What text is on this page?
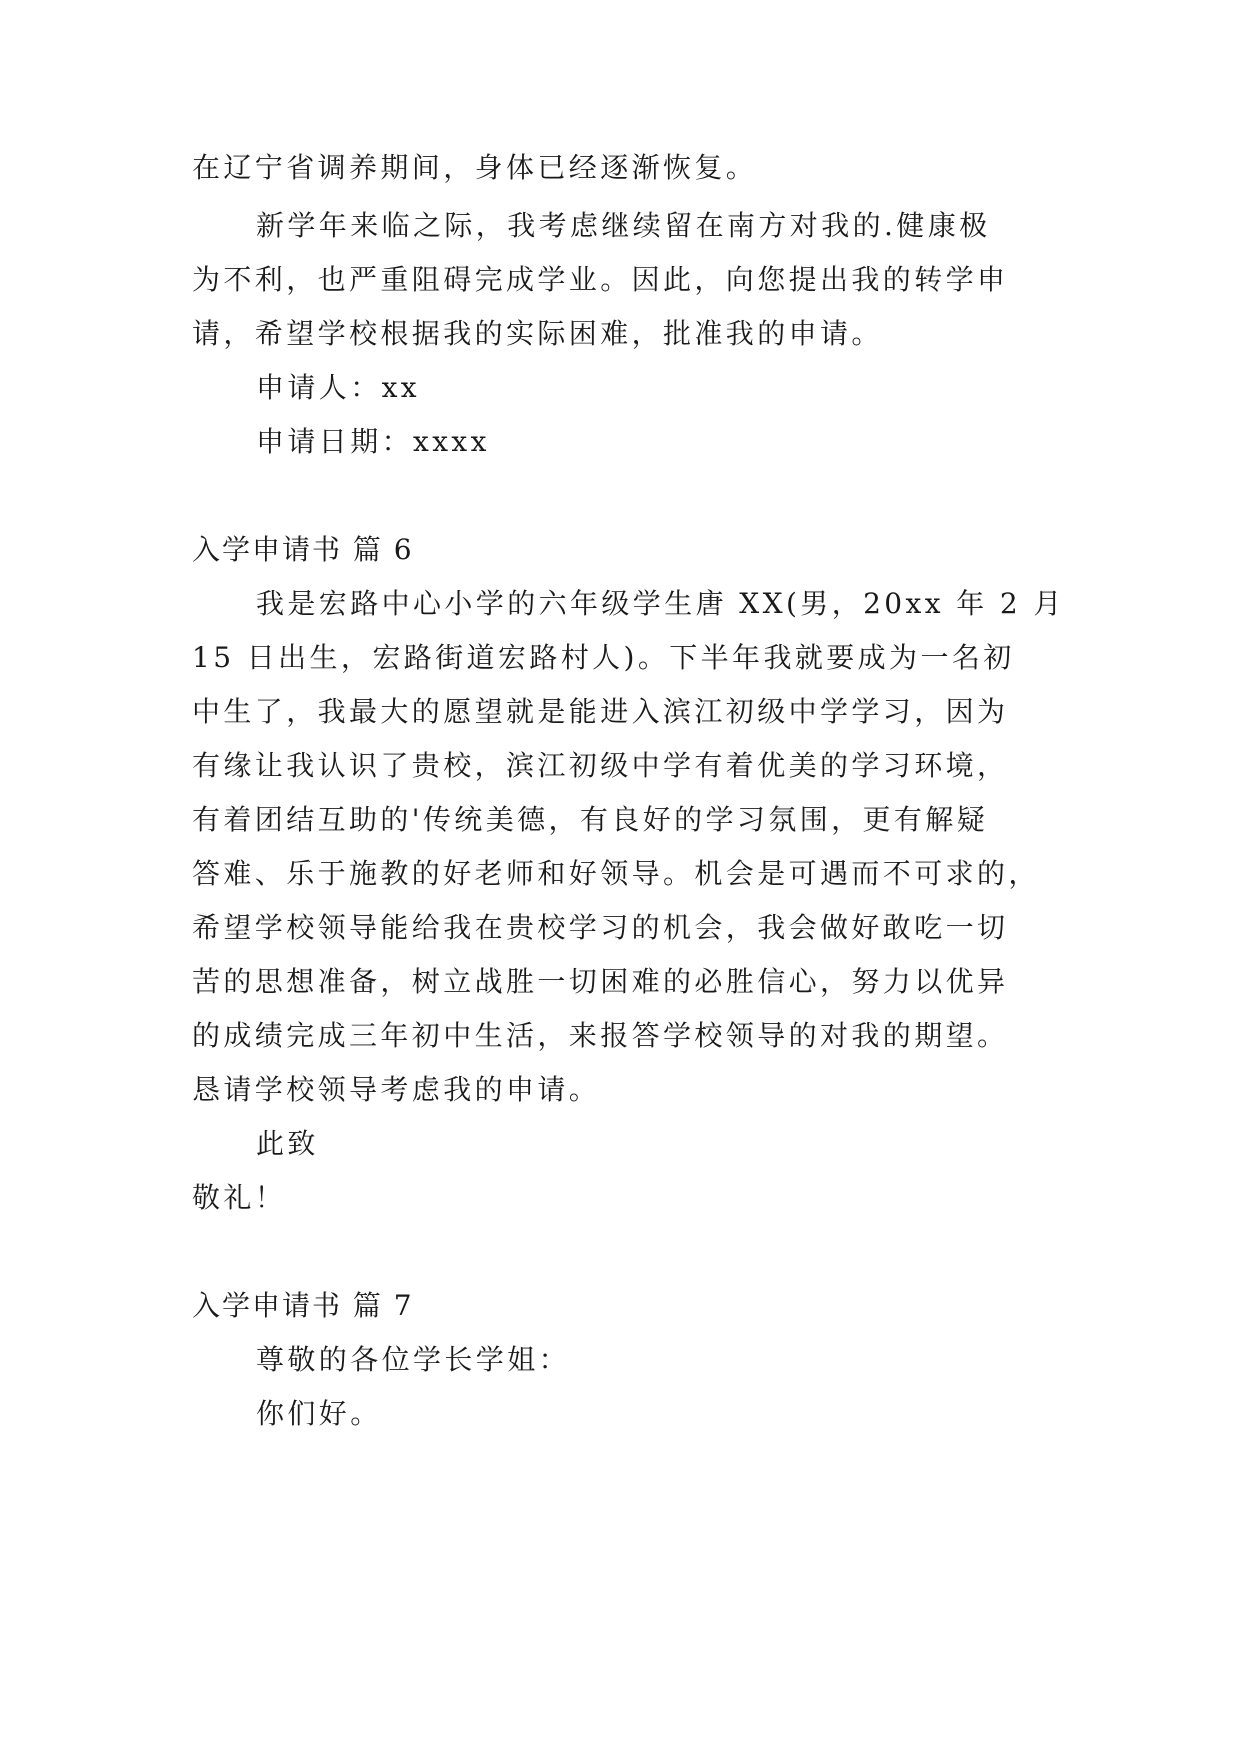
在辽宁省调养期间，身体已经逐渐恢复。
新学年来临之际，我考虑继续留在南方对我的.健康极
为不利，也严重阻碍完成学业。因此，向您提出我的转学申
请，希望学校根据我的实际困难，批准我的申请。
申请人：xx
申请日期：xxxx
入学申请书 篇 6
我是宏路中心小学的六年级学生唐 XX(男，20xx 年 2 月
15 日出生，宏路街道宏路村人)。下半年我就要成为一名初
中生了，我最大的愿望就是能进入滨江初级中学学习，因为
有缘让我认识了贵校，滨江初级中学有着优美的学习环境，
有着团结互助的'传统美德，有良好的学习氛围，更有解疑
答难、乐于施教的好老师和好领导。机会是可遇而不可求的，
希望学校领导能给我在贵校学习的机会，我会做好敢吃一切
苦的思想准备，树立战胜一切困难的必胜信心，努力以优异
的成绩完成三年初中生活，来报答学校领导的对我的期望。
恳请学校领导考虑我的申请。
此致
敬礼！
入学申请书 篇 7
尊敬的各位学长学姐：
你们好。
